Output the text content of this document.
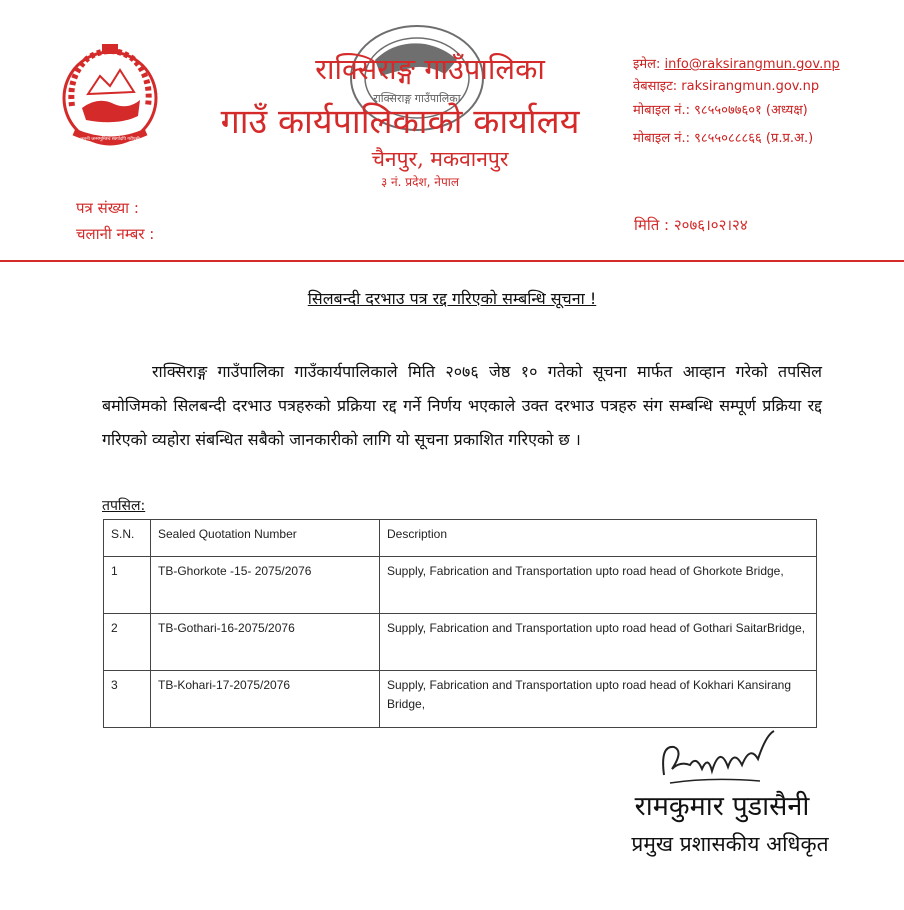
जननी जन्मभूमिश्च स्वर्गादपि गरीयसी
राक्सिराङ्ग गाउँपालिका
राक्सिराङ्ग गाउँपालिका
गाउँ कार्यपालिकाको कार्यालय
चैनपुर, मकवानपुर
३ नं. प्रदेश, नेपाल
इमेल: info@raksirangmun.gov.np
वेबसाइट: raksirangmun.gov.np
मोबाइल नं.: ९८५५०७७६०१ (अध्यक्ष)
मोबाइल नं.: ९८५५०८८८६६ (प्र.प्र.अ.)
पत्र संख्या :
चलानी नम्बर :	मिति : २०७६।०२।२४
सिलबन्दी दरभाउ पत्र रद्द गरिएको सम्बन्धि सूचना !
राक्सिराङ्ग गाउँपालिका गाउँकार्यपालिकाले मिति २०७६ जेष्ठ १० गतेको सूचना मार्फत आव्हान गरेको तपसिल बमोजिमको सिलबन्दी दरभाउ पत्रहरुको प्रक्रिया रद्द गर्ने निर्णय भएकाले उक्त दरभाउ पत्रहरु संग सम्बन्धि सम्पूर्ण प्रक्रिया रद्द गरिएको व्यहोरा संबन्धित सबैको जानकारीको लागि यो सूचना प्रकाशित गरिएको छ ।
तपसिल:
S.N.	Sealed Quotation Number	Description
1	TB-Ghorkote -15- 2075/2076	Supply, Fabrication and Transportation upto road head of Ghorkote Bridge,
2	TB-Gothari-16-2075/2076	Supply, Fabrication and Transportation upto road head of Gothari SaitarBridge,
3	TB-Kohari-17-2075/2076	Supply, Fabrication and Transportation upto road head of Kokhari Kansirang Bridge,
रामकुमार पुडासैनी
प्रमुख प्रशासकीय अधिकृत
